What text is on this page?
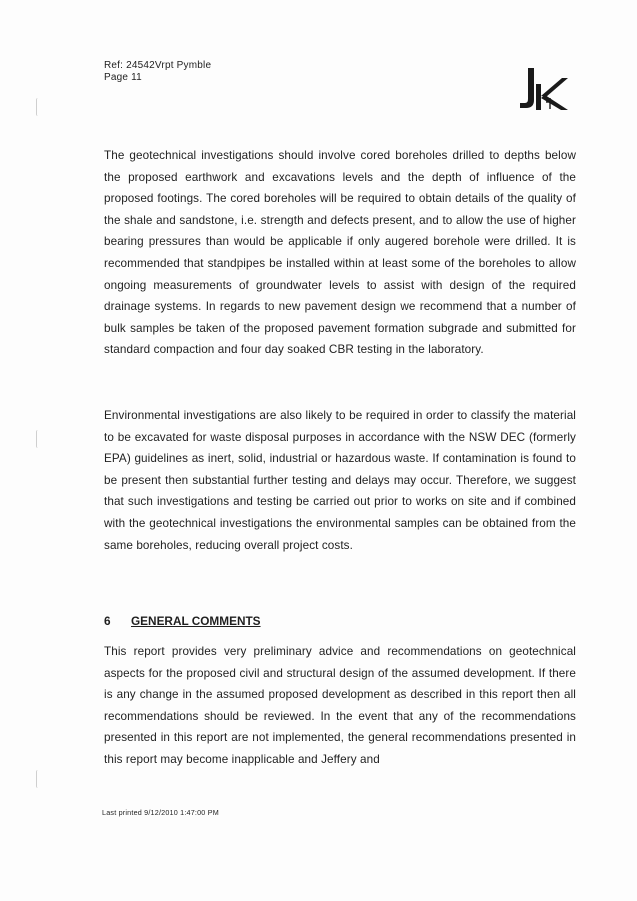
Ref: 24542Vrpt Pymble
Page 11

The geotechnical investigations should involve cored boreholes drilled to depths below the proposed earthwork and excavations levels and the depth of influence of the proposed footings. The cored boreholes will be required to obtain details of the quality of the shale and sandstone, i.e. strength and defects present, and to allow the use of higher bearing pressures than would be applicable if only augered borehole were drilled. It is recommended that standpipes be installed within at least some of the boreholes to allow ongoing measurements of groundwater levels to assist with design of the required drainage systems. In regards to new pavement design we recommend that a number of bulk samples be taken of the proposed pavement formation subgrade and submitted for standard compaction and four day soaked CBR testing in the laboratory.

Environmental investigations are also likely to be required in order to classify the material to be excavated for waste disposal purposes in accordance with the NSW DEC (formerly EPA) guidelines as inert, solid, industrial or hazardous waste. If contamination is found to be present then substantial further testing and delays may occur. Therefore, we suggest that such investigations and testing be carried out prior to works on site and if combined with the geotechnical investigations the environmental samples can be obtained from the same boreholes, reducing overall project costs.

6	GENERAL COMMENTS

This report provides very preliminary advice and recommendations on geotechnical aspects for the proposed civil and structural design of the assumed development. If there is any change in the assumed proposed development as described in this report then all recommendations should be reviewed. In the event that any of the recommendations presented in this report are not implemented, the general recommendations presented in this report may become inapplicable and Jeffery and

Last printed 9/12/2010 1:47:00 PM
